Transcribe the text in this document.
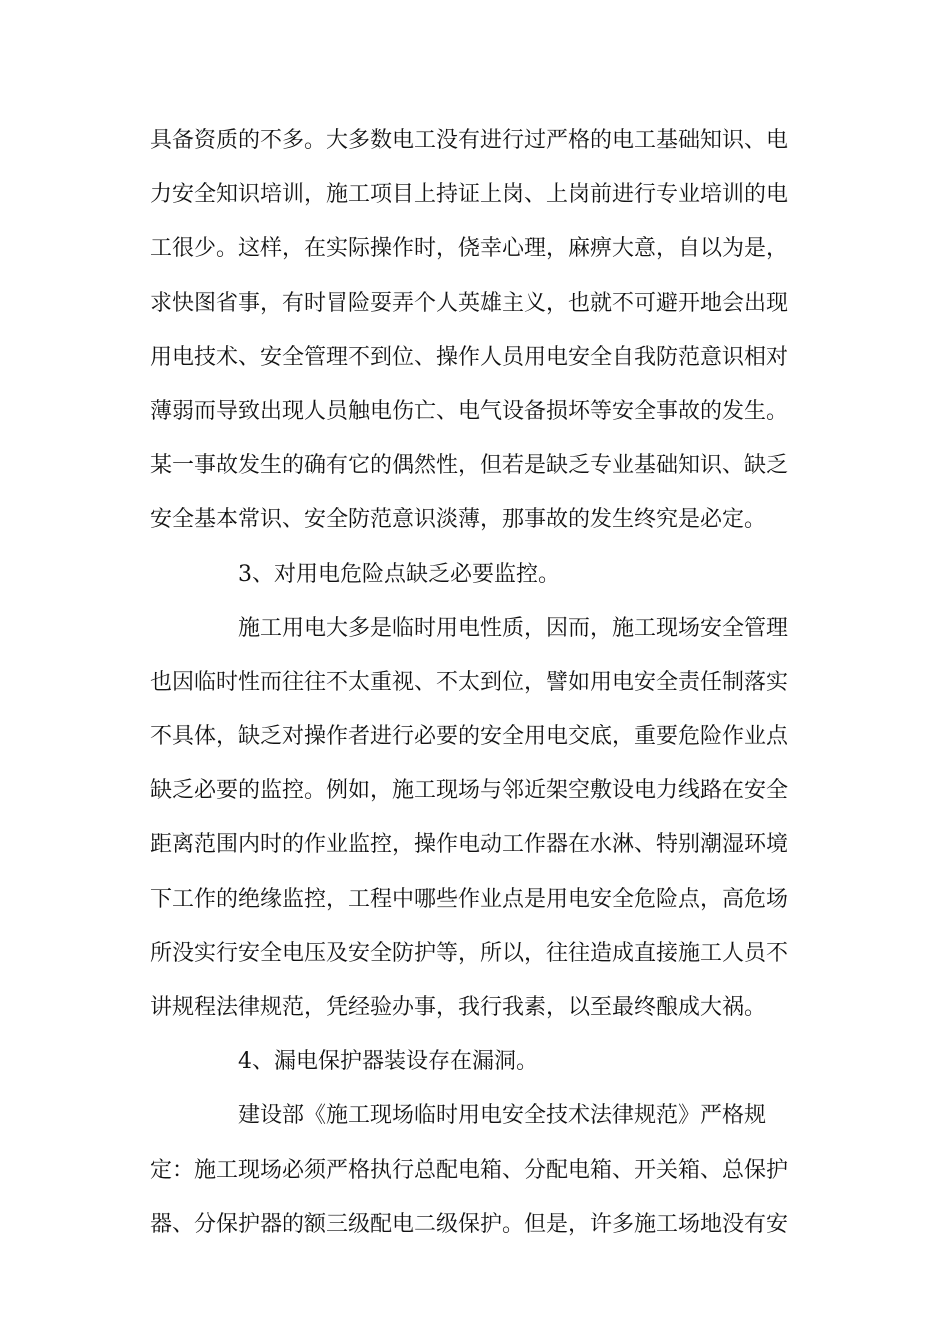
具备资质的不多。大多数电工没有进行过严格的电工基础知识、电
力安全知识培训，施工项目上持证上岗、上岗前进行专业培训的电
工很少。这样，在实际操作时，侥幸心理，麻痹大意，自以为是，
求快图省事，有时冒险耍弄个人英雄主义，也就不可避开地会出现
用电技术、安全管理不到位、操作人员用电安全自我防范意识相对
薄弱而导致出现人员触电伤亡、电气设备损坏等安全事故的发生。
某一事故发生的确有它的偶然性，但若是缺乏专业基础知识、缺乏
安全基本常识、安全防范意识淡薄，那事故的发生终究是必定。
3、对用电危险点缺乏必要监控。
施工用电大多是临时用电性质，因而，施工现场安全管理
也因临时性而往往不太重视、不太到位，譬如用电安全责任制落实
不具体，缺乏对操作者进行必要的安全用电交底，重要危险作业点
缺乏必要的监控。例如，施工现场与邻近架空敷设电力线路在安全
距离范围内时的作业监控，操作电动工作器在水淋、特别潮湿环境
下工作的绝缘监控，工程中哪些作业点是用电安全危险点，高危场
所没实行安全电压及安全防护等，所以，往往造成直接施工人员不
讲规程法律规范，凭经验办事，我行我素，以至最终酿成大祸。
4、漏电保护器装设存在漏洞。
建设部《施工现场临时用电安全技术法律规范》严格规
定：施工现场必须严格执行总配电箱、分配电箱、开关箱、总保护
器、分保护器的额三级配电二级保护。但是，许多施工场地没有安
